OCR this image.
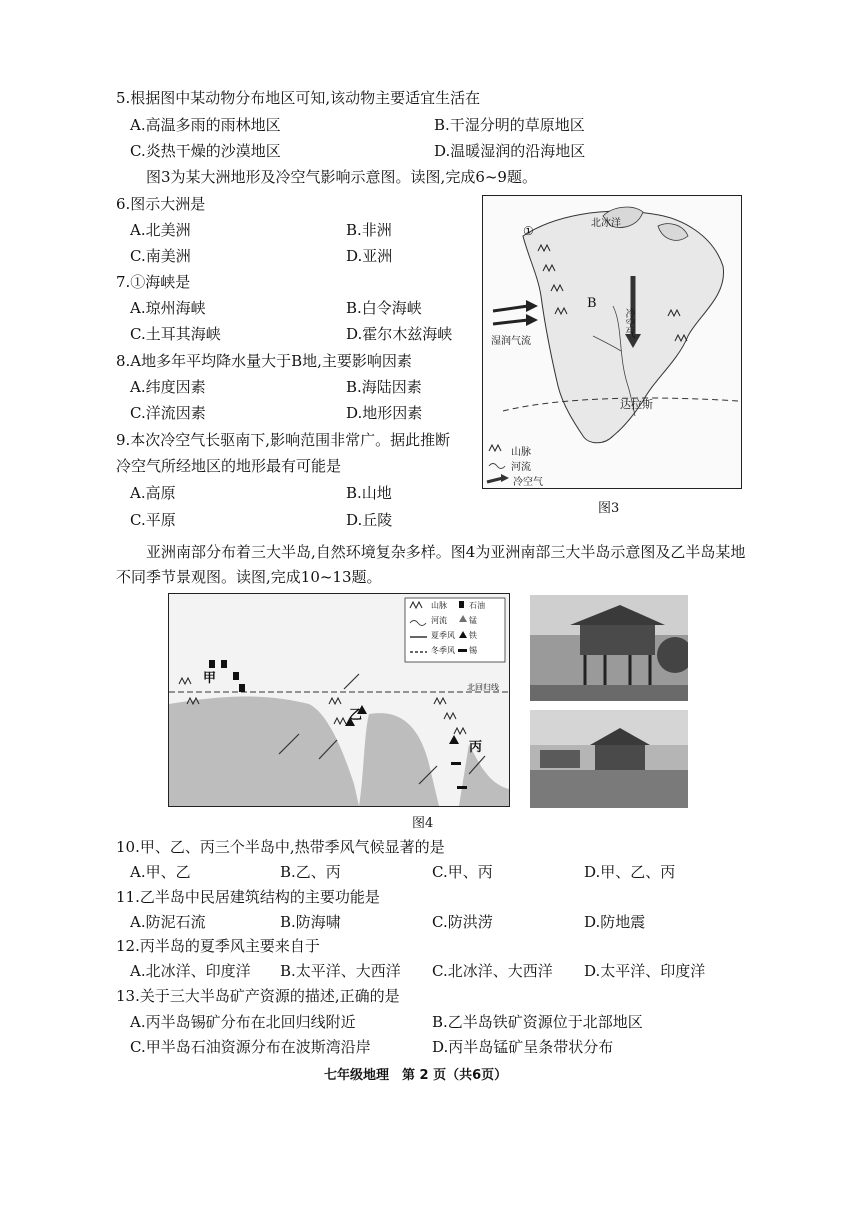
5.根据图中某动物分布地区可知,该动物主要适宜生活在
A.高温多雨的雨林地区	B.干湿分明的草原地区
C.炎热干燥的沙漠地区	D.温暖湿润的沿海地区
图3为某大洲地形及冷空气影响示意图。读图,完成6~9题。
6.图示大洲是
A.北美洲	B.非洲
C.南美洲	D.亚洲
7.①海峡是
A.琼州海峡	B.白令海峡
C.土耳其海峡	D.霍尔木兹海峡
8.A地多年平均降水量大于B地,主要影响因素
A.纬度因素	B.海陆因素
C.洋流因素	D.地形因素
9.本次冷空气长驱南下,影响范围非常广。据此推断
冷空气所经地区的地形最有可能是
A.高原	B.山地
C.平原	D.丘陵
北冰洋
①
B
冷空气
湿润气流
达拉斯
山脉
河流
冷空气
图3
亚洲南部分布着三大半岛,自然环境复杂多样。图4为亚洲南部三大半岛示意图及乙半岛某地不同季节景观图。读图,完成10~13题。
甲
乙
丙
北回归线
山脉	石油
河流	锰
夏季风 铁
冬季风 锡
图4
10.甲、乙、丙三个半岛中,热带季风气候显著的是
A.甲、乙	B.乙、丙	C.甲、丙	D.甲、乙、丙
11.乙半岛中民居建筑结构的主要功能是
A.防泥石流	B.防海啸	C.防洪涝	D.防地震
12.丙半岛的夏季风主要来自于
A.北冰洋、印度洋 B.太平洋、大西洋 C.北冰洋、大西洋 D.太平洋、印度洋
13.关于三大半岛矿产资源的描述,正确的是
A.丙半岛锡矿分布在北回归线附近	B.乙半岛铁矿资源位于北部地区
C.甲半岛石油资源分布在波斯湾沿岸	D.丙半岛锰矿呈条带状分布
七年级地理　第 2 页（共6页）
